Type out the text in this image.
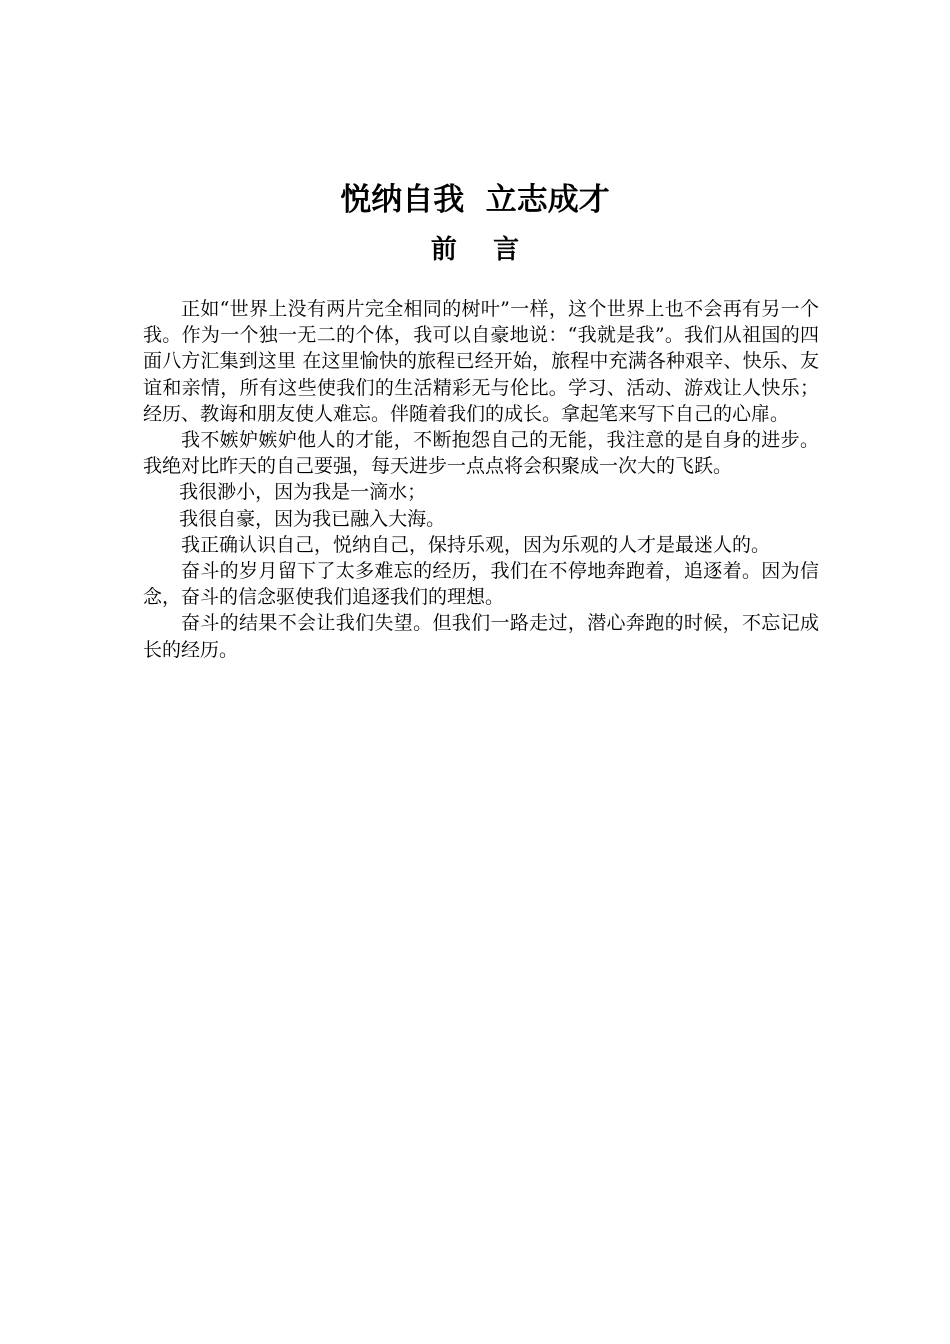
悦纳自我  立志成才
前    言

正如“世界上没有两片完全相同的树叶”一样，这个世界上也不会再有另一个我。作为一个独一无二的个体，我可以自豪地说：“我就是我”。我们从祖国的四面八方汇集到这里 在这里愉快的旅程已经开始，旅程中充满各种艰辛、快乐、友谊和亲情，所有这些使我们的生活精彩无与伦比。学习、活动、游戏让人快乐；经历、教诲和朋友使人难忘。伴随着我们的成长。拿起笔来写下自己的心扉。

我不嫉妒嫉妒他人的才能，不断抱怨自己的无能，我注意的是自身的进步。我绝对比昨天的自己要强，每天进步一点点将会积聚成一次大的飞跃。

我很渺小，因为我是一滴水；

我很自豪，因为我已融入大海。

我正确认识自己，悦纳自己，保持乐观，因为乐观的人才是最迷人的。

奋斗的岁月留下了太多难忘的经历，我们在不停地奔跑着，追逐着。因为信念，奋斗的信念驱使我们追逐我们的理想。

奋斗的结果不会让我们失望。但我们一路走过，潜心奔跑的时候，不忘记成长的经历。
